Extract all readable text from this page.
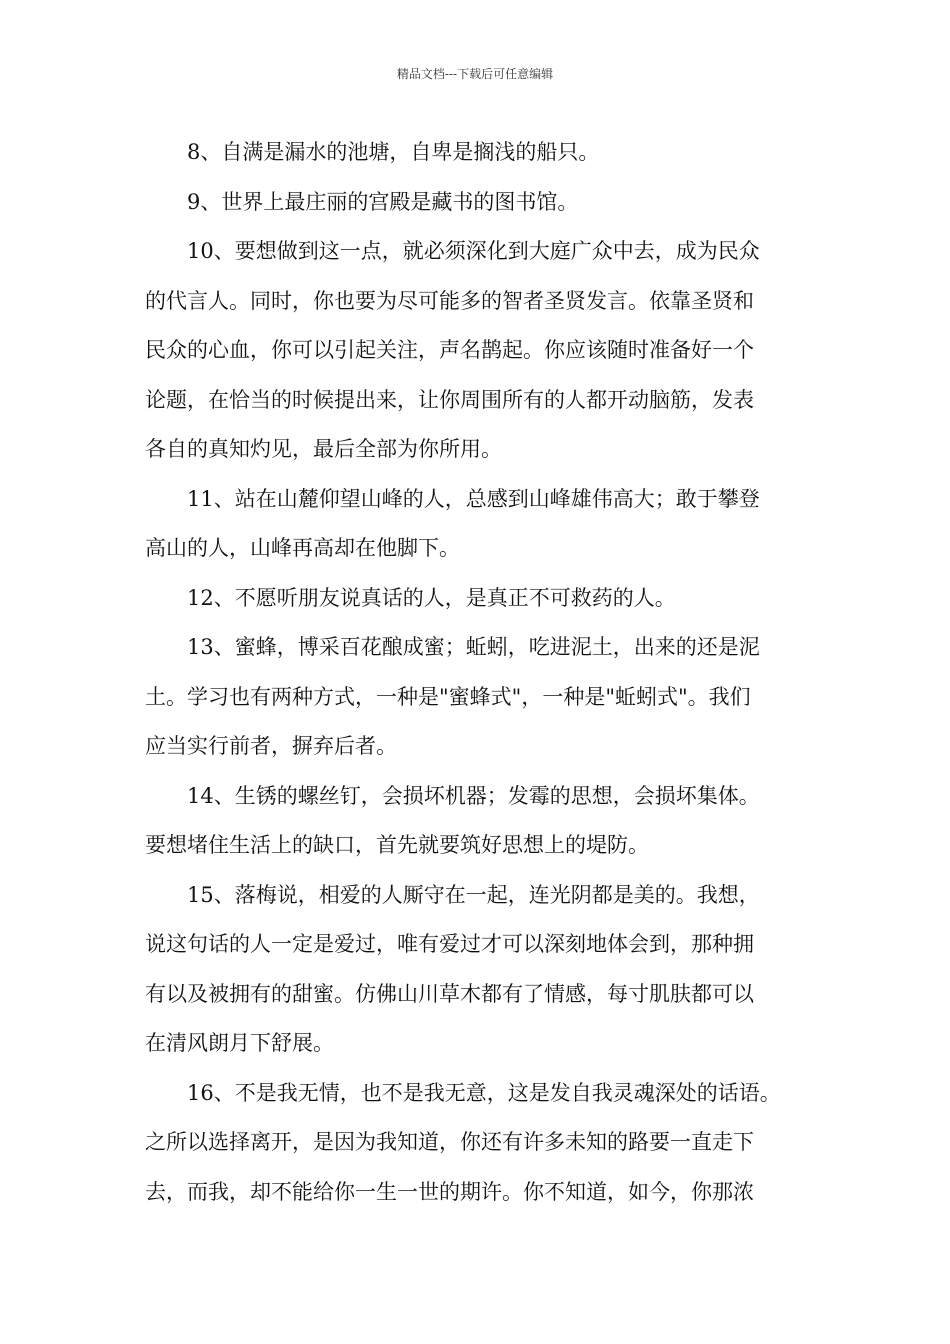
精品文档---下载后可任意编辑
8、自满是漏水的池塘，自卑是搁浅的船只。
9、世界上最庄丽的宫殿是藏书的图书馆。
10、要想做到这一点，就必须深化到大庭广众中去，成为民众
的代言人。同时，你也要为尽可能多的智者圣贤发言。依靠圣贤和
民众的心血，你可以引起关注，声名鹊起。你应该随时准备好一个
论题，在恰当的时候提出来，让你周围所有的人都开动脑筋，发表
各自的真知灼见，最后全部为你所用。
11、站在山麓仰望山峰的人，总感到山峰雄伟高大；敢于攀登
高山的人，山峰再高却在他脚下。
12、不愿听朋友说真话的人，是真正不可救药的人。
13、蜜蜂，博采百花酿成蜜；蚯蚓，吃进泥土，出来的还是泥
土。学习也有两种方式，一种是"蜜蜂式"，一种是"蚯蚓式"。我们
应当实行前者，摒弃后者。
14、生锈的螺丝钉，会损坏机器；发霉的思想，会损坏集体。
要想堵住生活上的缺口，首先就要筑好思想上的堤防。
15、落梅说，相爱的人厮守在一起，连光阴都是美的。我想，
说这句话的人一定是爱过，唯有爱过才可以深刻地体会到，那种拥
有以及被拥有的甜蜜。仿佛山川草木都有了情感，每寸肌肤都可以
在清风朗月下舒展。
16、不是我无情，也不是我无意，这是发自我灵魂深处的话语。
之所以选择离开，是因为我知道，你还有许多未知的路要一直走下
去，而我，却不能给你一生一世的期许。你不知道，如今，你那浓
